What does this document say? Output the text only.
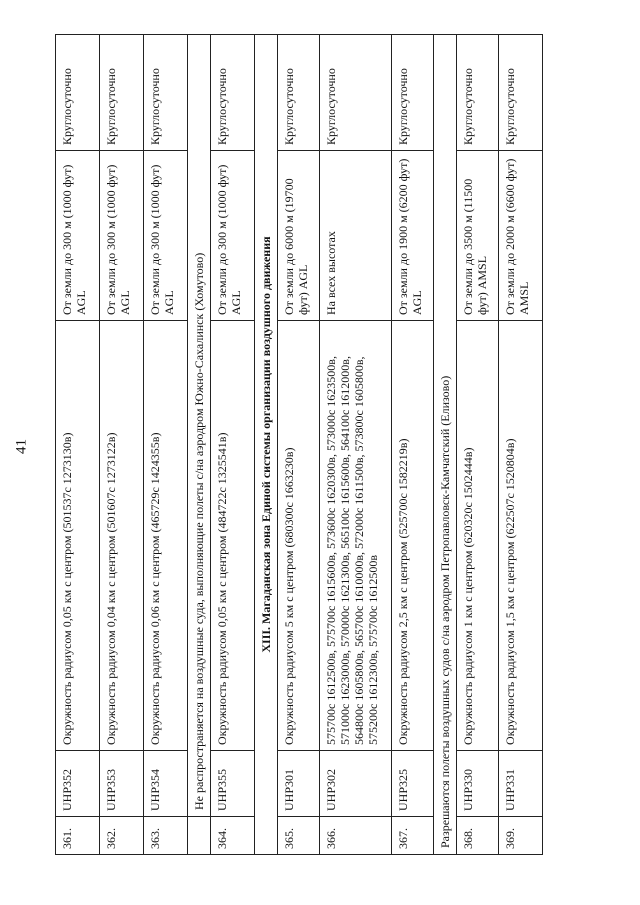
41
361.	UHP352	Окружность радиусом 0,05 км с центром (501537с 1273130в)	От земли до 300 м (1000 фут) AGL	Круглосуточно
362.	UHP353	Окружность радиусом 0,04 км с центром (501607с 1273122в)	От земли до 300 м (1000 фут) AGL	Круглосуточно
363.	UHP354	Окружность радиусом 0,06 км с центром (465729с 1424355в)	От земли до 300 м (1000 фут) AGL	Круглосуточно
	Не распространяется на воздушные суда, выполняющие полеты с/на аэродром Южно-Сахалинск (Хомутово)			
364.	UHP355	Окружность радиусом 0,05 км с центром (484722с 1325541в)	От земли до 300 м (1000 фут) AGL	Круглосуточно
XIII. Магаданская зона Единой системы организации воздушного движения				
365.	UHP301	Окружность радиусом 5 км с центром (680300с 1663230в)	От земли до 6000 м (19700 фут) AGL	Круглосуточно
366.	UHP302	575700с 1612500в, 575700с 1615600в, 573600с 1620300в, 573000с 1623500в, 571000с 1623000в, 570000с 1621300в, 565100с 1615600в, 564100с 1612000в, 564800с 1605800в, 565700с 1610000в, 572000с 1611500в, 573800с 1605800в, 575200с 1612300в, 575700с 1612500в	На всех высотах	Круглосуточно
367.	UHP325	Окружность радиусом 2,5 км с центром (525700с 1582219в)	От земли до 1900 м (6200 фут) AGL	Круглосуточно
Разрешаются полеты воздушных судов с/на аэродром Петропавловск-Камчатский (Елизово)				
368.	UHP330	Окружность радиусом 1 км с центром (620320с 1502444в)	От земли до 3500 м (11500 фут) AMSL	Круглосуточно
369.	UHP331	Окружность радиусом 1,5 км с центром (622507с 1520804в)	От земли до 2000 м (6600 фут) AMSL	Круглосуточно
